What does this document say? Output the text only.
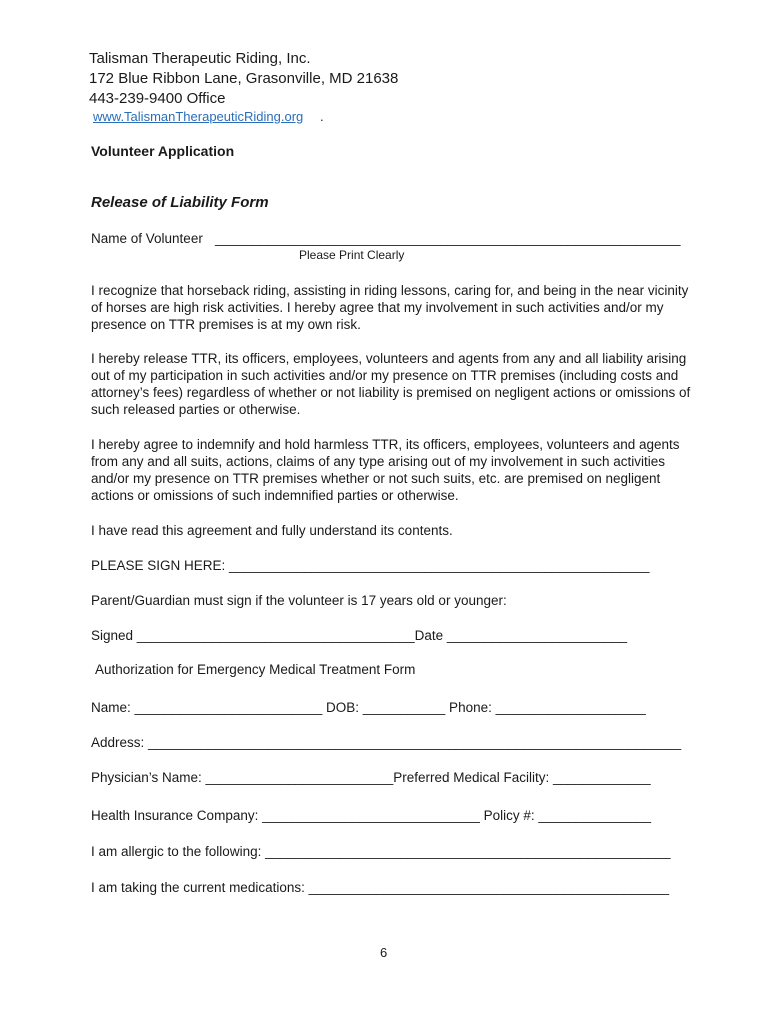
Talisman Therapeutic Riding, Inc.
172 Blue Ribbon Lane, Grasonville, MD 21638
443-239-9400 Office
www.TalismanTherapeuticRiding.org .
Volunteer Application
Release of Liability Form
Name of Volunteer ______________________________________________________________
Please Print Clearly
I recognize that horseback riding, assisting in riding lessons, caring for, and being in the near vicinity of horses are high risk activities. I hereby agree that my involvement in such activities and/or my presence on TTR premises is at my own risk.
I hereby release TTR, its officers, employees, volunteers and agents from any and all liability arising out of my participation in such activities and/or my presence on TTR premises (including costs and attorney’s fees) regardless of whether or not liability is premised on negligent actions or omissions of such released parties or otherwise.
I hereby agree to indemnify and hold harmless TTR, its officers, employees, volunteers and agents from any and all suits, actions, claims of any type arising out of my involvement in such activities and/or my presence on TTR premises whether or not such suits, etc. are premised on negligent actions or omissions of such indemnified parties or otherwise.
I have read this agreement and fully understand its contents.
PLEASE SIGN HERE: ________________________________________________________
Parent/Guardian must sign if the volunteer is 17 years old or younger:
Signed _____________________________________Date ________________________
Authorization for Emergency Medical Treatment Form
Name: _________________________ DOB: ___________ Phone: ____________________
Address: _______________________________________________________________________
Physician’s Name: _________________________Preferred Medical Facility: _____________
Health Insurance Company: _____________________________ Policy #: _______________
I am allergic to the following: ______________________________________________________
I am taking the current medications: ________________________________________________
6
